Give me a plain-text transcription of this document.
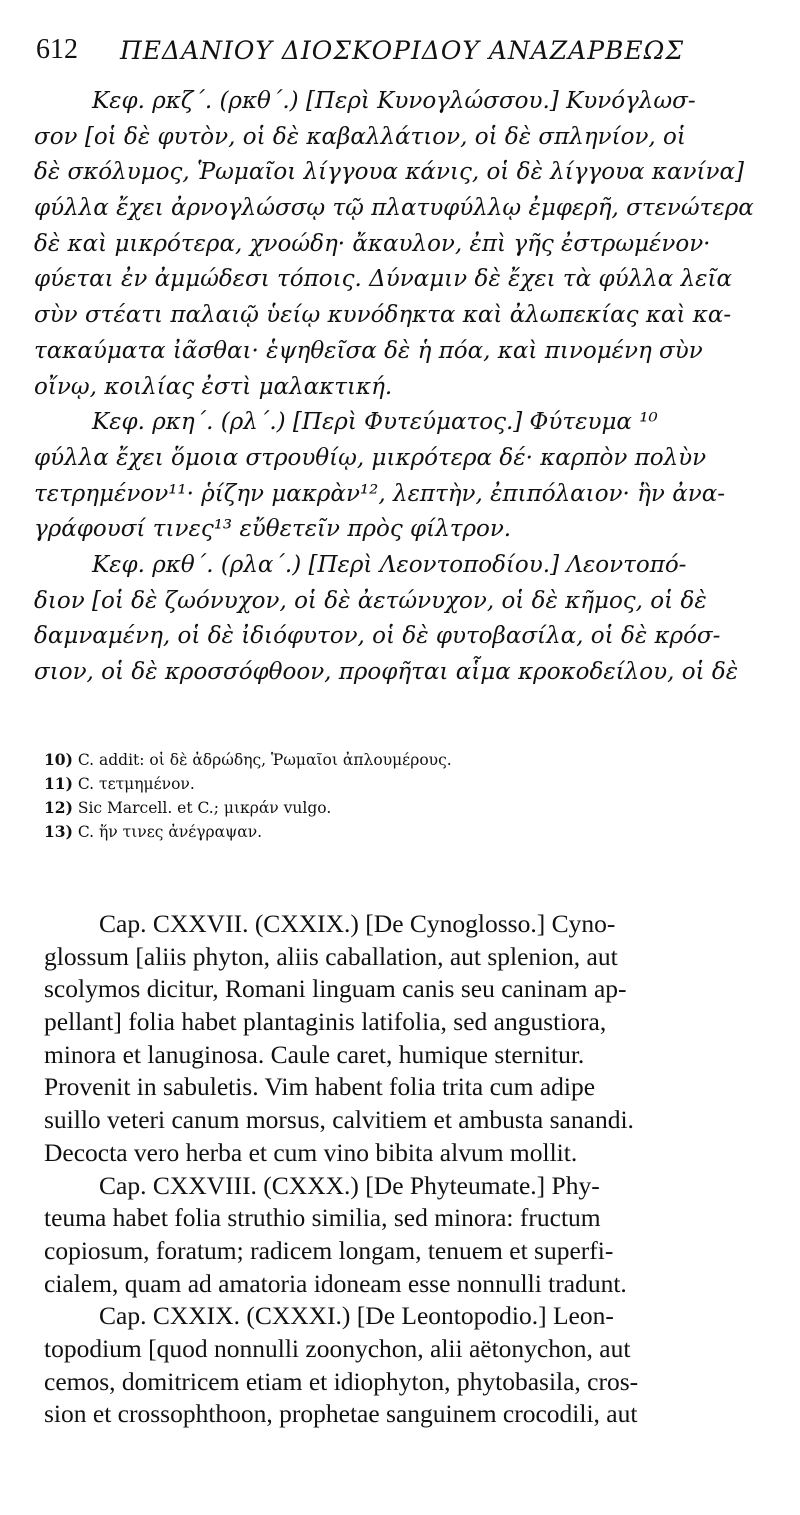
612 ΠΕΔΑΝΙΟΥ ΔΙΟΣΚΟΡΙΔΟΥ ΑΝΑΖΑΡΒΕΩΣ
Κεφ. ρκζ΄. (ρκθ΄.) [Περὶ Κυνογλώσσου.] Κυνόγλωσ-
σον [οἱ δὲ φυτὸν, οἱ δὲ καβαλλάτιον, οἱ δὲ σπληνίον, οἱ
δὲ σκόλυμος, Ῥωμαῖοι λίγγουα κάνις, οἱ δὲ λίγγουα κανίνα]
φύλλα ἔχει ἀρνογλώσσῳ τῷ πλατυφύλλῳ ἐμφερῆ, στενώτερα
δὲ καὶ μικρότερα, χνοώδη· ἄκαυλον, ἐπὶ γῆς ἐστρωμένον·
φύεται ἐν ἀμμώδεσι τόποις. Δύναμιν δὲ ἔχει τὰ φύλλα λεῖα
σὺν στέατι παλαιῷ ὑείῳ κυνόδηκτα καὶ ἀλωπεκίας καὶ κα-
τακαύματα ἰᾶσθαι· ἑψηθεῖσα δὲ ἡ πόα, καὶ πινομένη σὺν
οἴνῳ, κοιλίας ἐστὶ μαλακτική.
Κεφ. ρκη΄. (ρλ΄.) [Περὶ Φυτεύματος.] Φύτευμα ¹⁰
φύλλα ἔχει ὅμοια στρουθίῳ, μικρότερα δέ· καρπὸν πολὺν
τετρημένον¹¹· ῥίζην μακρὰν¹², λεπτὴν, ἐπιπόλαιον· ἣν ἀνα-
γράφουσί τινες¹³ εὔθετεῖν πρὸς φίλτρον.
Κεφ. ρκθ΄. (ρλα΄.) [Περὶ Λεοντοποδίου.] Λεοντοπό-
διον [οἱ δὲ ζωόνυχον, οἱ δὲ ἀετώνυχον, οἱ δὲ κῆμος, οἱ δὲ
δαμναμένη, οἱ δὲ ἰδιόφυτον, οἱ δὲ φυτοβασίλα, οἱ δὲ κρόσ-
σιον, οἱ δὲ κροσσόφθοον, προφῆται αἷμα κροκοδείλου, οἱ δὲ
10) C. addit: οἱ δὲ ἀδρώδης, Ῥωμαῖοι ἀπλουμέρους.
11) C. τετμημένον.
12) Sic Marcell. et C.; μικράν vulgo.
13) C. ἥν τινες ἀνέγραψαν.
Cap. CXXVII. (CXXIX.) [De Cynoglosso.] Cyno-
glossum [aliis phyton, aliis caballation, aut splenion, aut
scolymos dicitur, Romani linguam canis seu caninam ap-
pellant] folia habet plantaginis latifolia, sed angustiora,
minora et lanuginosa. Caule caret, humique sternitur.
Provenit in sabuletis. Vim habent folia trita cum adipe
suillo veteri canum morsus, calvitiem et ambusta sanandi.
Decocta vero herba et cum vino bibita alvum mollit.
Cap. CXXVIII. (CXXX.) [De Phyteumate.] Phy-
teuma habet folia struthio similia, sed minora: fructum
copiosum, foratum; radicem longam, tenuem et superfi-
cialem, quam ad amatoria idoneam esse nonnulli tradunt.
Cap. CXXIX. (CXXXI.) [De Leontopodio.] Leon-
topodium [quod nonnulli zoonychon, alii aëtonychon, aut
cemos, domitricem etiam et idiophyton, phytobasila, cros-
sion et crossophthoon, prophetae sanguinem crocodili, aut
